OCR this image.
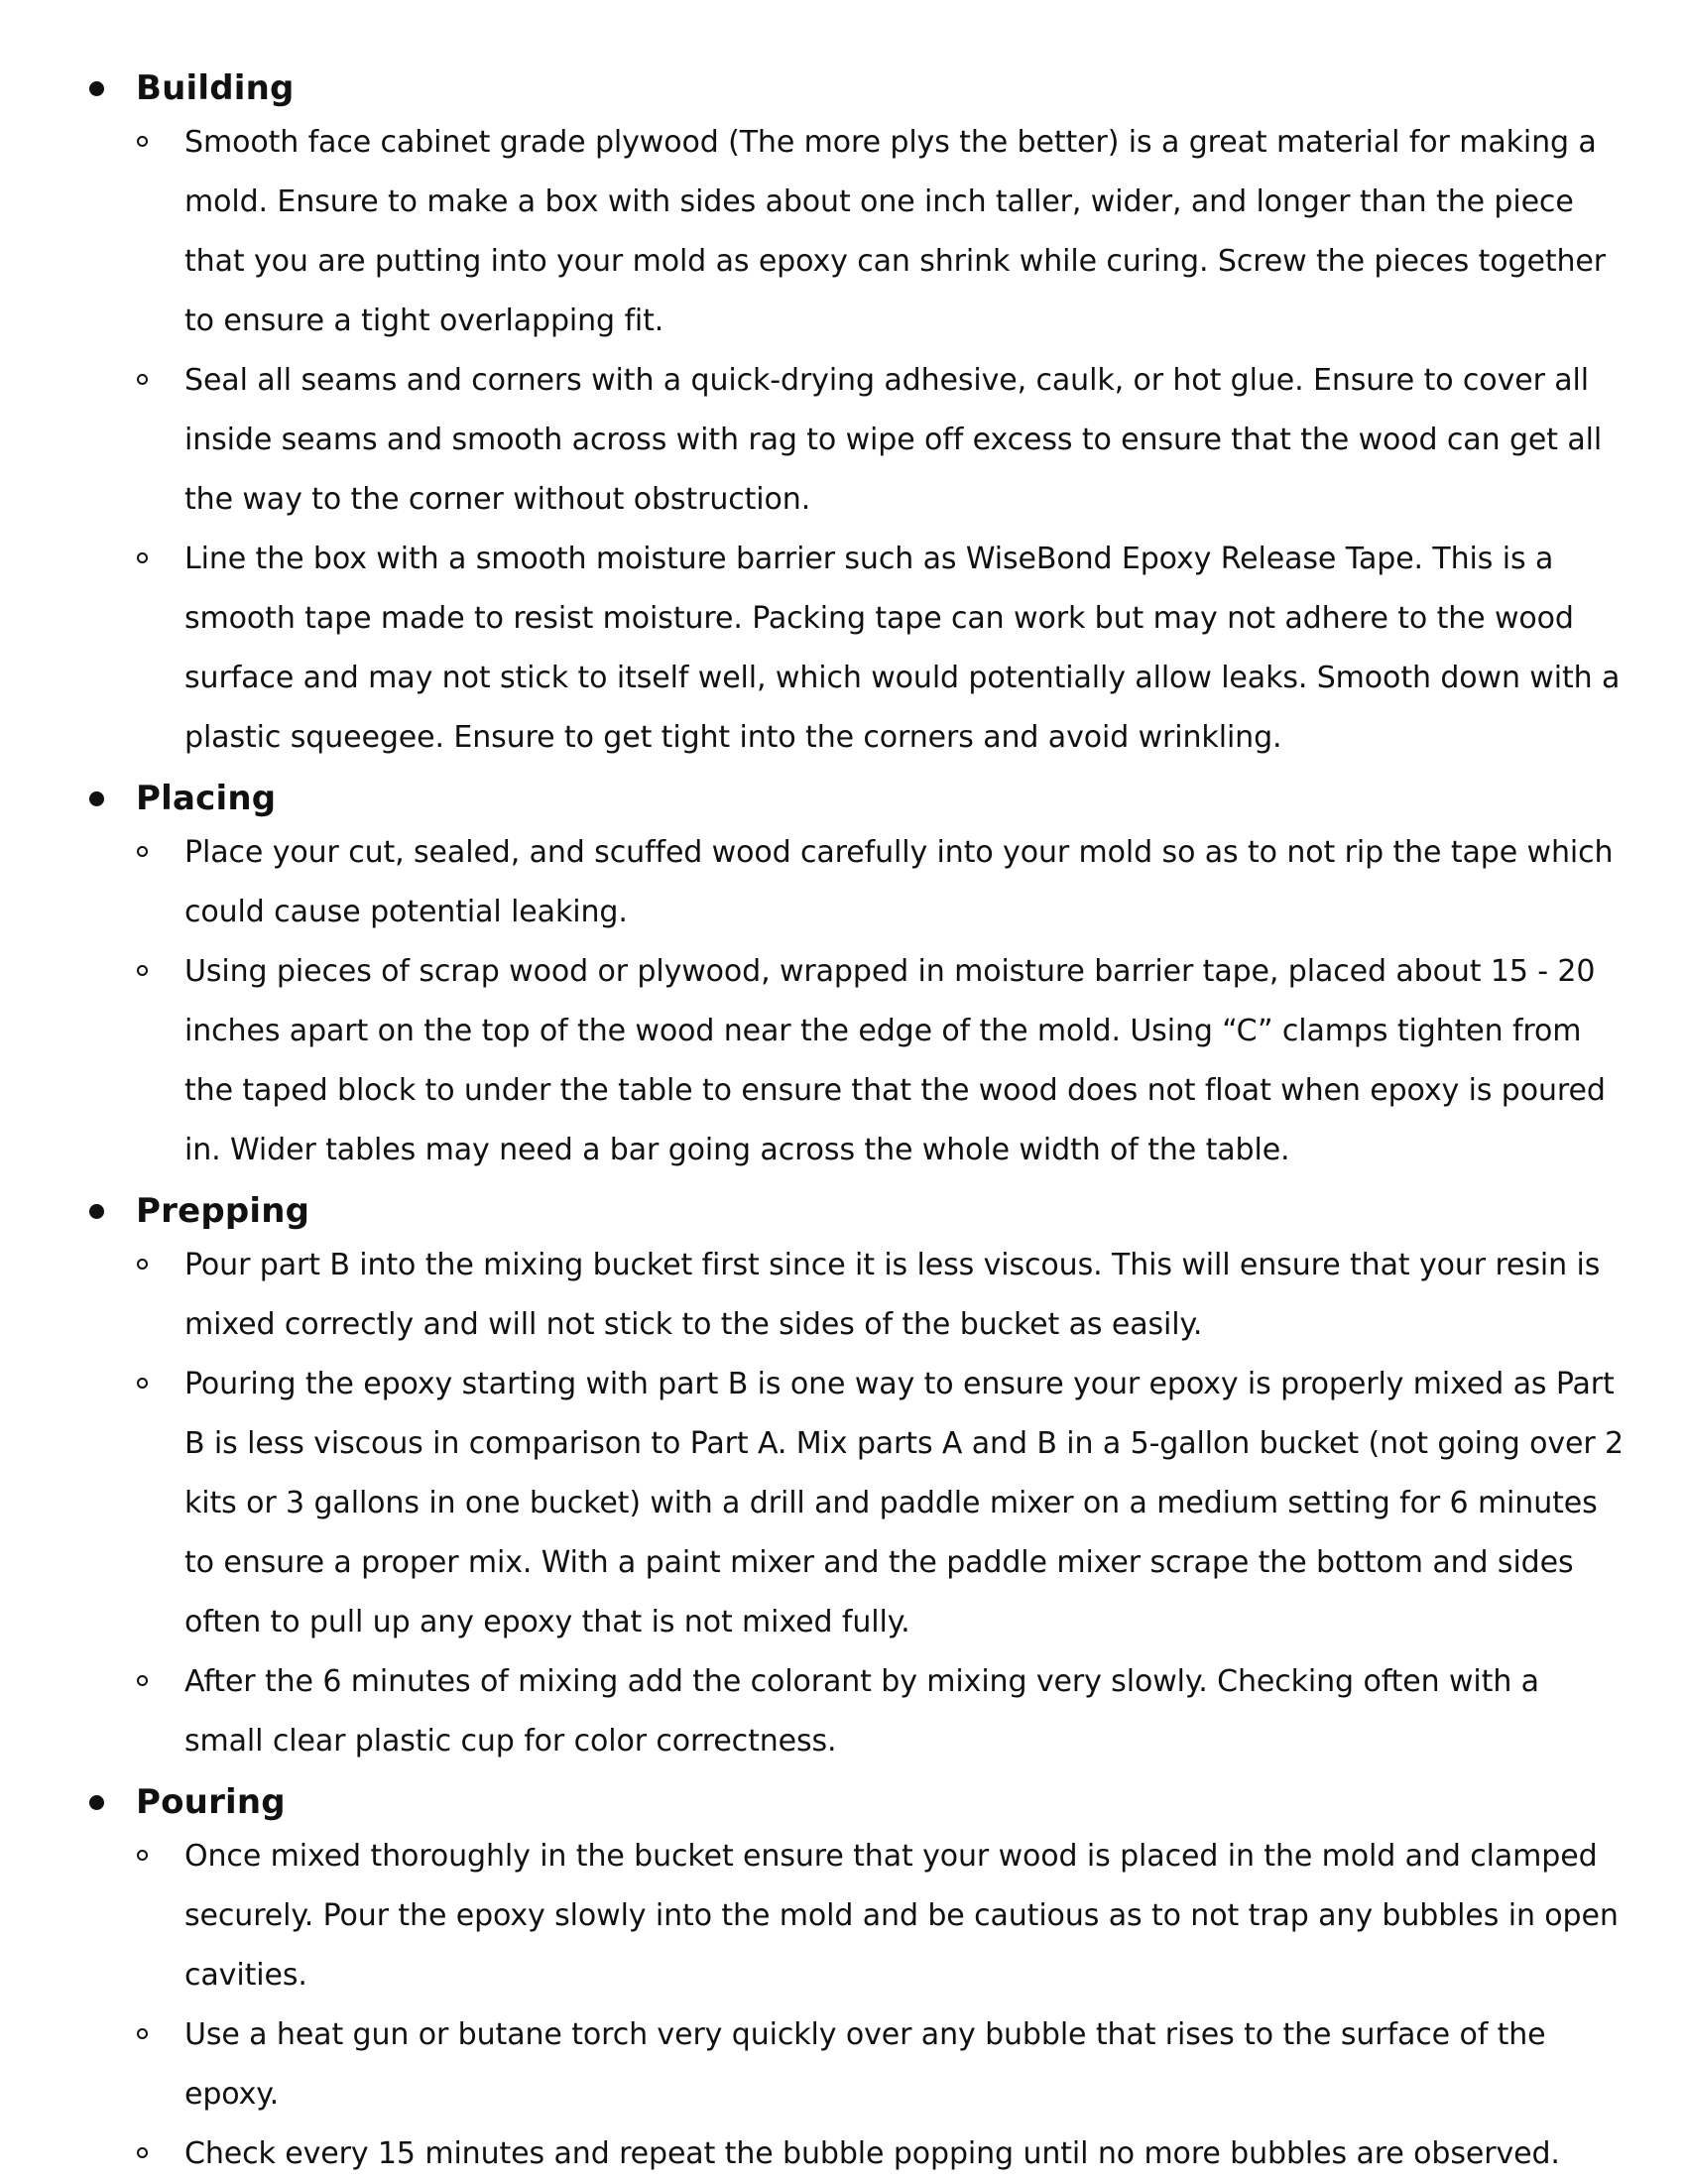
Building
Smooth face cabinet grade plywood (The more plys the better) is a great material for making a mold. Ensure to make a box with sides about one inch taller, wider, and longer than the piece that you are putting into your mold as epoxy can shrink while curing. Screw the pieces together to ensure a tight overlapping fit.
Seal all seams and corners with a quick-drying adhesive, caulk, or hot glue. Ensure to cover all inside seams and smooth across with rag to wipe off excess to ensure that the wood can get all the way to the corner without obstruction.
Line the box with a smooth moisture barrier such as WiseBond Epoxy Release Tape. This is a smooth tape made to resist moisture. Packing tape can work but may not adhere to the wood surface and may not stick to itself well, which would potentially allow leaks. Smooth down with a plastic squeegee. Ensure to get tight into the corners and avoid wrinkling.
Placing
Place your cut, sealed, and scuffed wood carefully into your mold so as to not rip the tape which could cause potential leaking.
Using pieces of scrap wood or plywood, wrapped in moisture barrier tape, placed about 15 - 20 inches apart on the top of the wood near the edge of the mold. Using “C” clamps tighten from the taped block to under the table to ensure that the wood does not float when epoxy is poured in. Wider tables may need a bar going across the whole width of the table.
Prepping
Pour part B into the mixing bucket first since it is less viscous. This will ensure that your resin is mixed correctly and will not stick to the sides of the bucket as easily.
Pouring the epoxy starting with part B is one way to ensure your epoxy is properly mixed as Part B is less viscous in comparison to Part A. Mix parts A and B in a 5-gallon bucket (not going over 2 kits or 3 gallons in one bucket) with a drill and paddle mixer on a medium setting for 6 minutes to ensure a proper mix. With a paint mixer and the paddle mixer scrape the bottom and sides often to pull up any epoxy that is not mixed fully.
After the 6 minutes of mixing add the colorant by mixing very slowly. Checking often with a small clear plastic cup for color correctness.
Pouring
Once mixed thoroughly in the bucket ensure that your wood is placed in the mold and clamped securely. Pour the epoxy slowly into the mold and be cautious as to not trap any bubbles in open cavities.
Use a heat gun or butane torch very quickly over any bubble that rises to the surface of the epoxy.
Check every 15 minutes and repeat the bubble popping until no more bubbles are observed.
